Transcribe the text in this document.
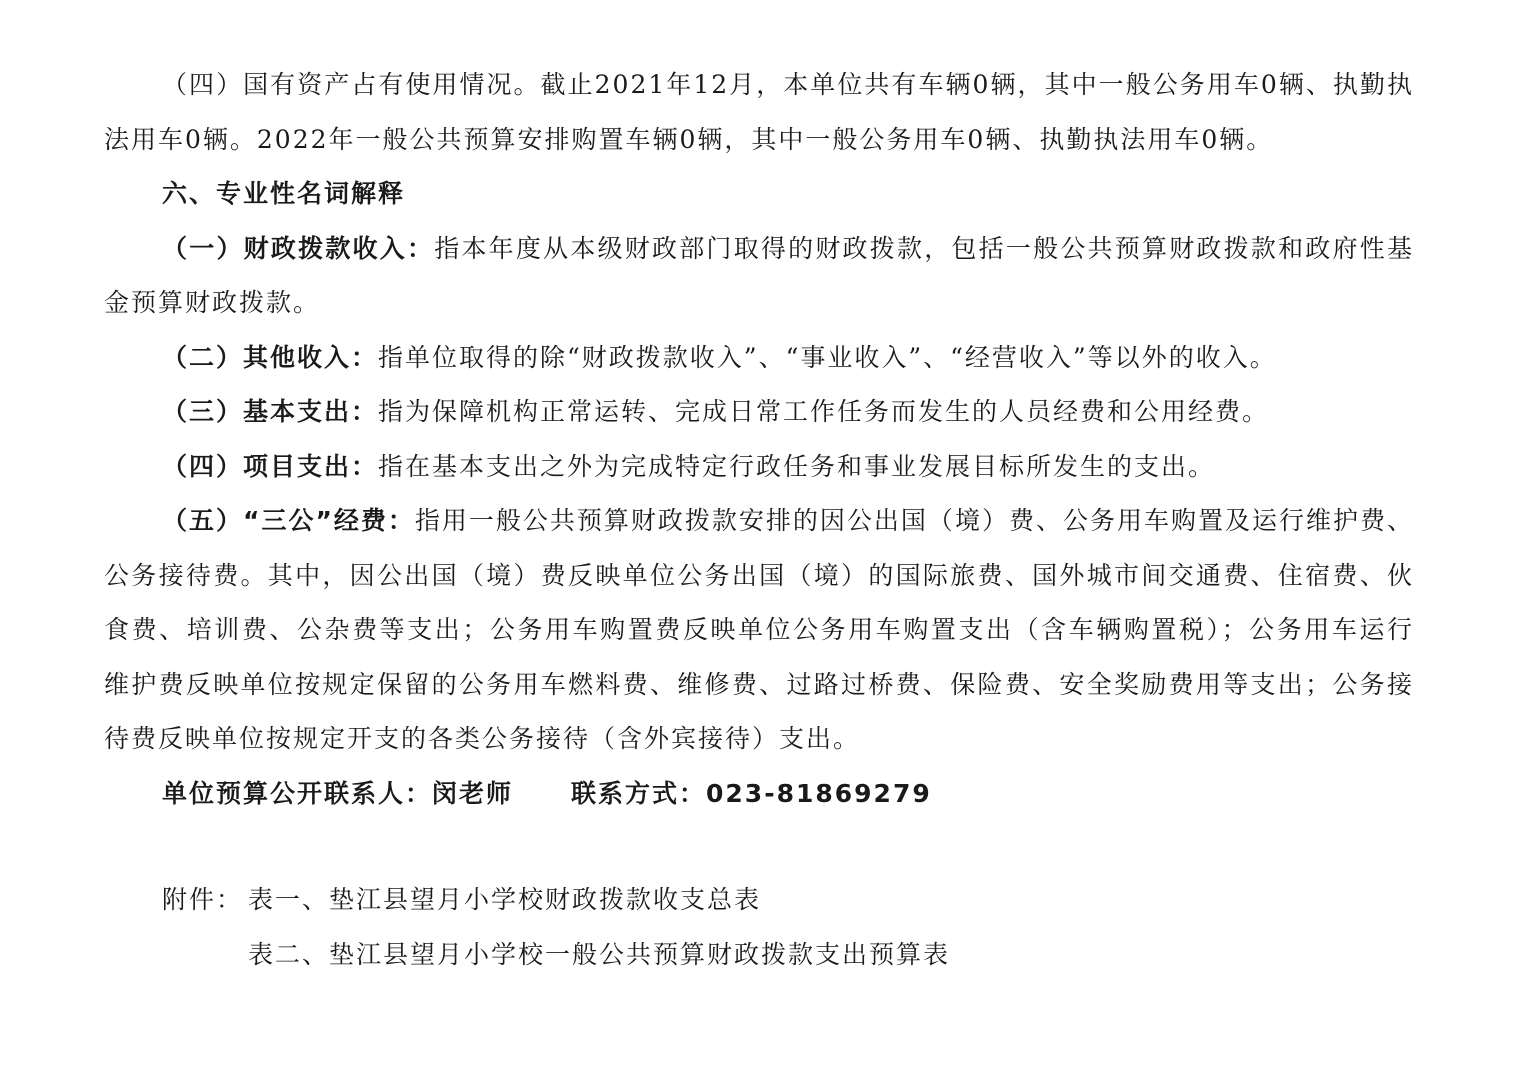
（四）国有资产占有使用情况。截止2021年12月，本单位共有车辆0辆，其中一般公务用车0辆、执勤执法用车0辆。2022年一般公共预算安排购置车辆0辆，其中一般公务用车0辆、执勤执法用车0辆。

六、专业性名词解释

（一）财政拨款收入：指本年度从本级财政部门取得的财政拨款，包括一般公共预算财政拨款和政府性基金预算财政拨款。

（二）其他收入：指单位取得的除“财政拨款收入”、“事业收入”、“经营收入”等以外的收入。

（三）基本支出：指为保障机构正常运转、完成日常工作任务而发生的人员经费和公用经费。

（四）项目支出：指在基本支出之外为完成特定行政任务和事业发展目标所发生的支出。

（五）“三公”经费：指用一般公共预算财政拨款安排的因公出国（境）费、公务用车购置及运行维护费、公务接待费。其中，因公出国（境）费反映单位公务出国（境）的国际旅费、国外城市间交通费、住宿费、伙食费、培训费、公杂费等支出；公务用车购置费反映单位公务用车购置支出（含车辆购置税）；公务用车运行维护费反映单位按规定保留的公务用车燃料费、维修费、过路过桥费、保险费、安全奖励费用等支出；公务接待费反映单位按规定开支的各类公务接待（含外宾接待）支出。

单位预算公开联系人：闵老师 联系方式：023-81869279

附件： 表一、垫江县望月小学校财政拨款收支总表
表二、垫江县望月小学校一般公共预算财政拨款支出预算表
